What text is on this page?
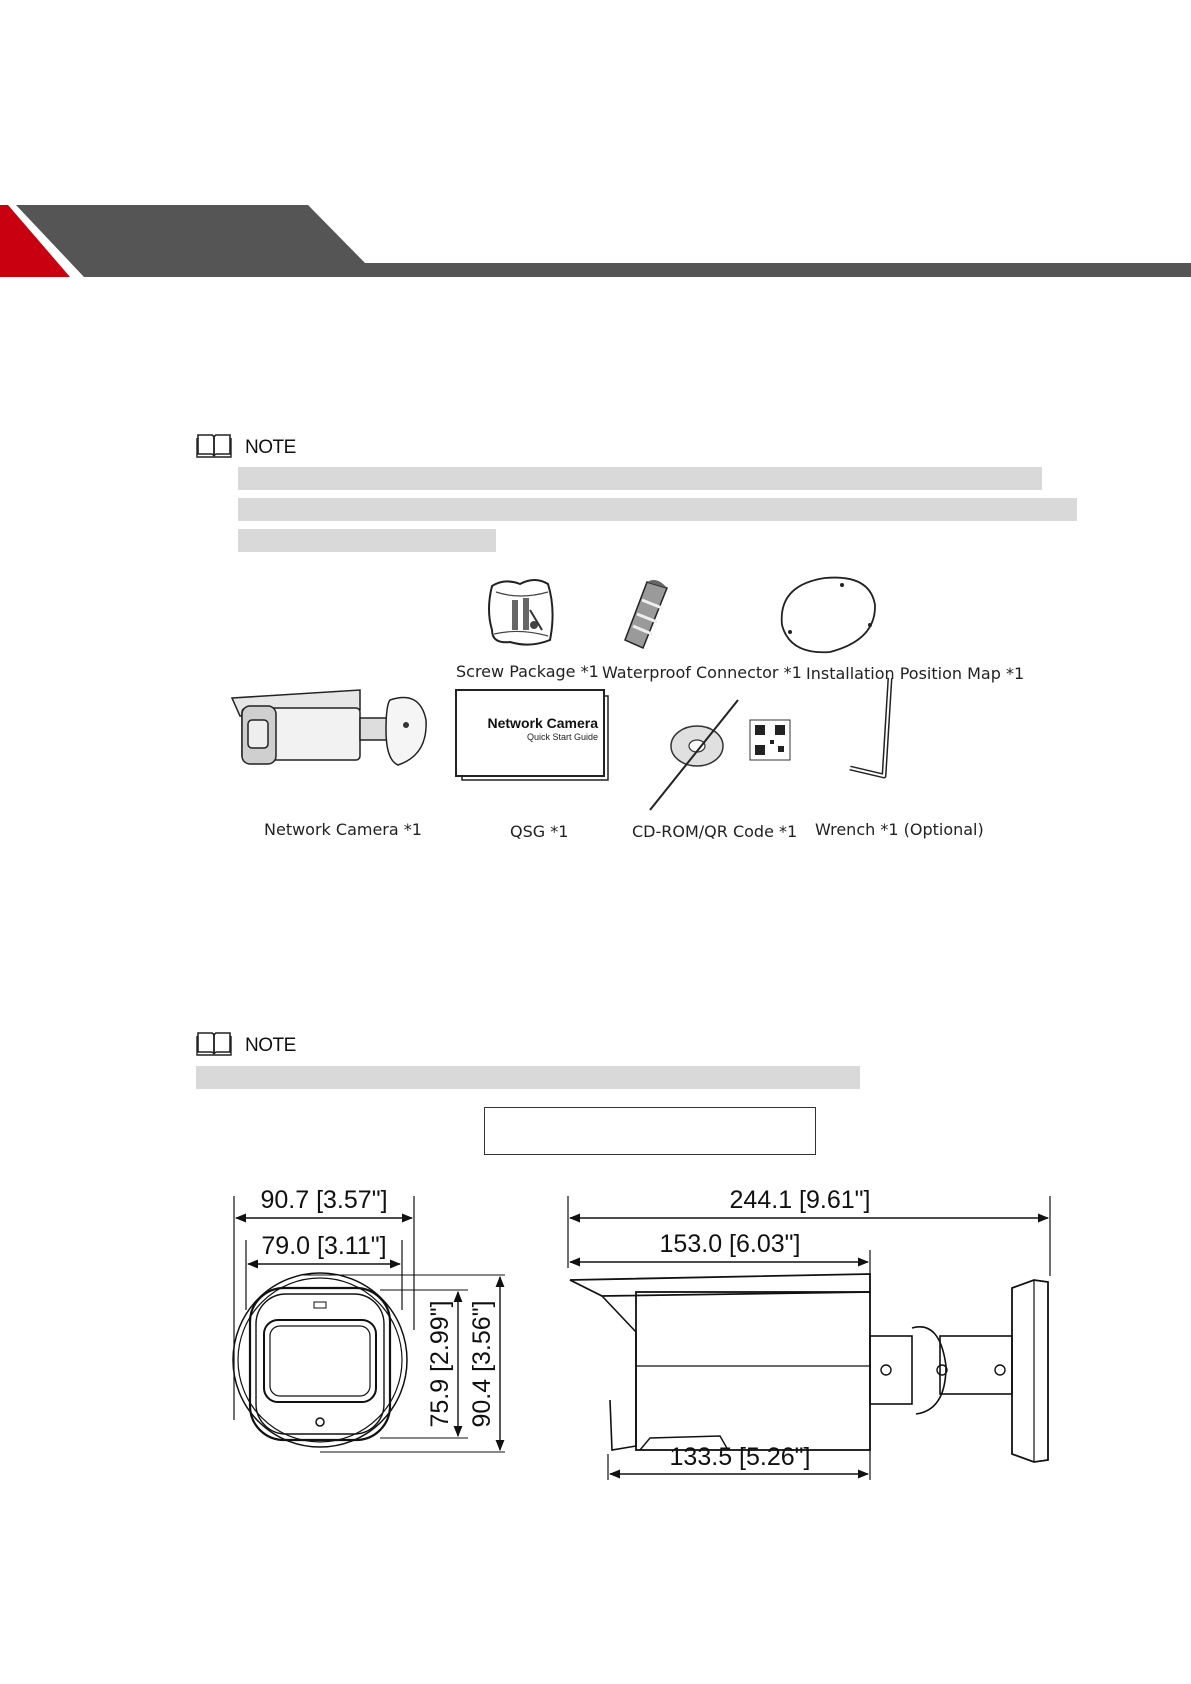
NOTE
Network Camera
Quick Start Guide
Screw Package *1 Waterproof Connector *1 Installation Position Map *1
Network Camera *1	QSG *1	CD-ROM/QR Code *1 Wrench *1 (Optional)
NOTE
90.7 [3.57"]
79.0 [3.11"]
75.9 [2.99"] 90.4 [3.56"]
244.1 [9.61"]
153.0 [6.03"]
133.5 [5.26"]
